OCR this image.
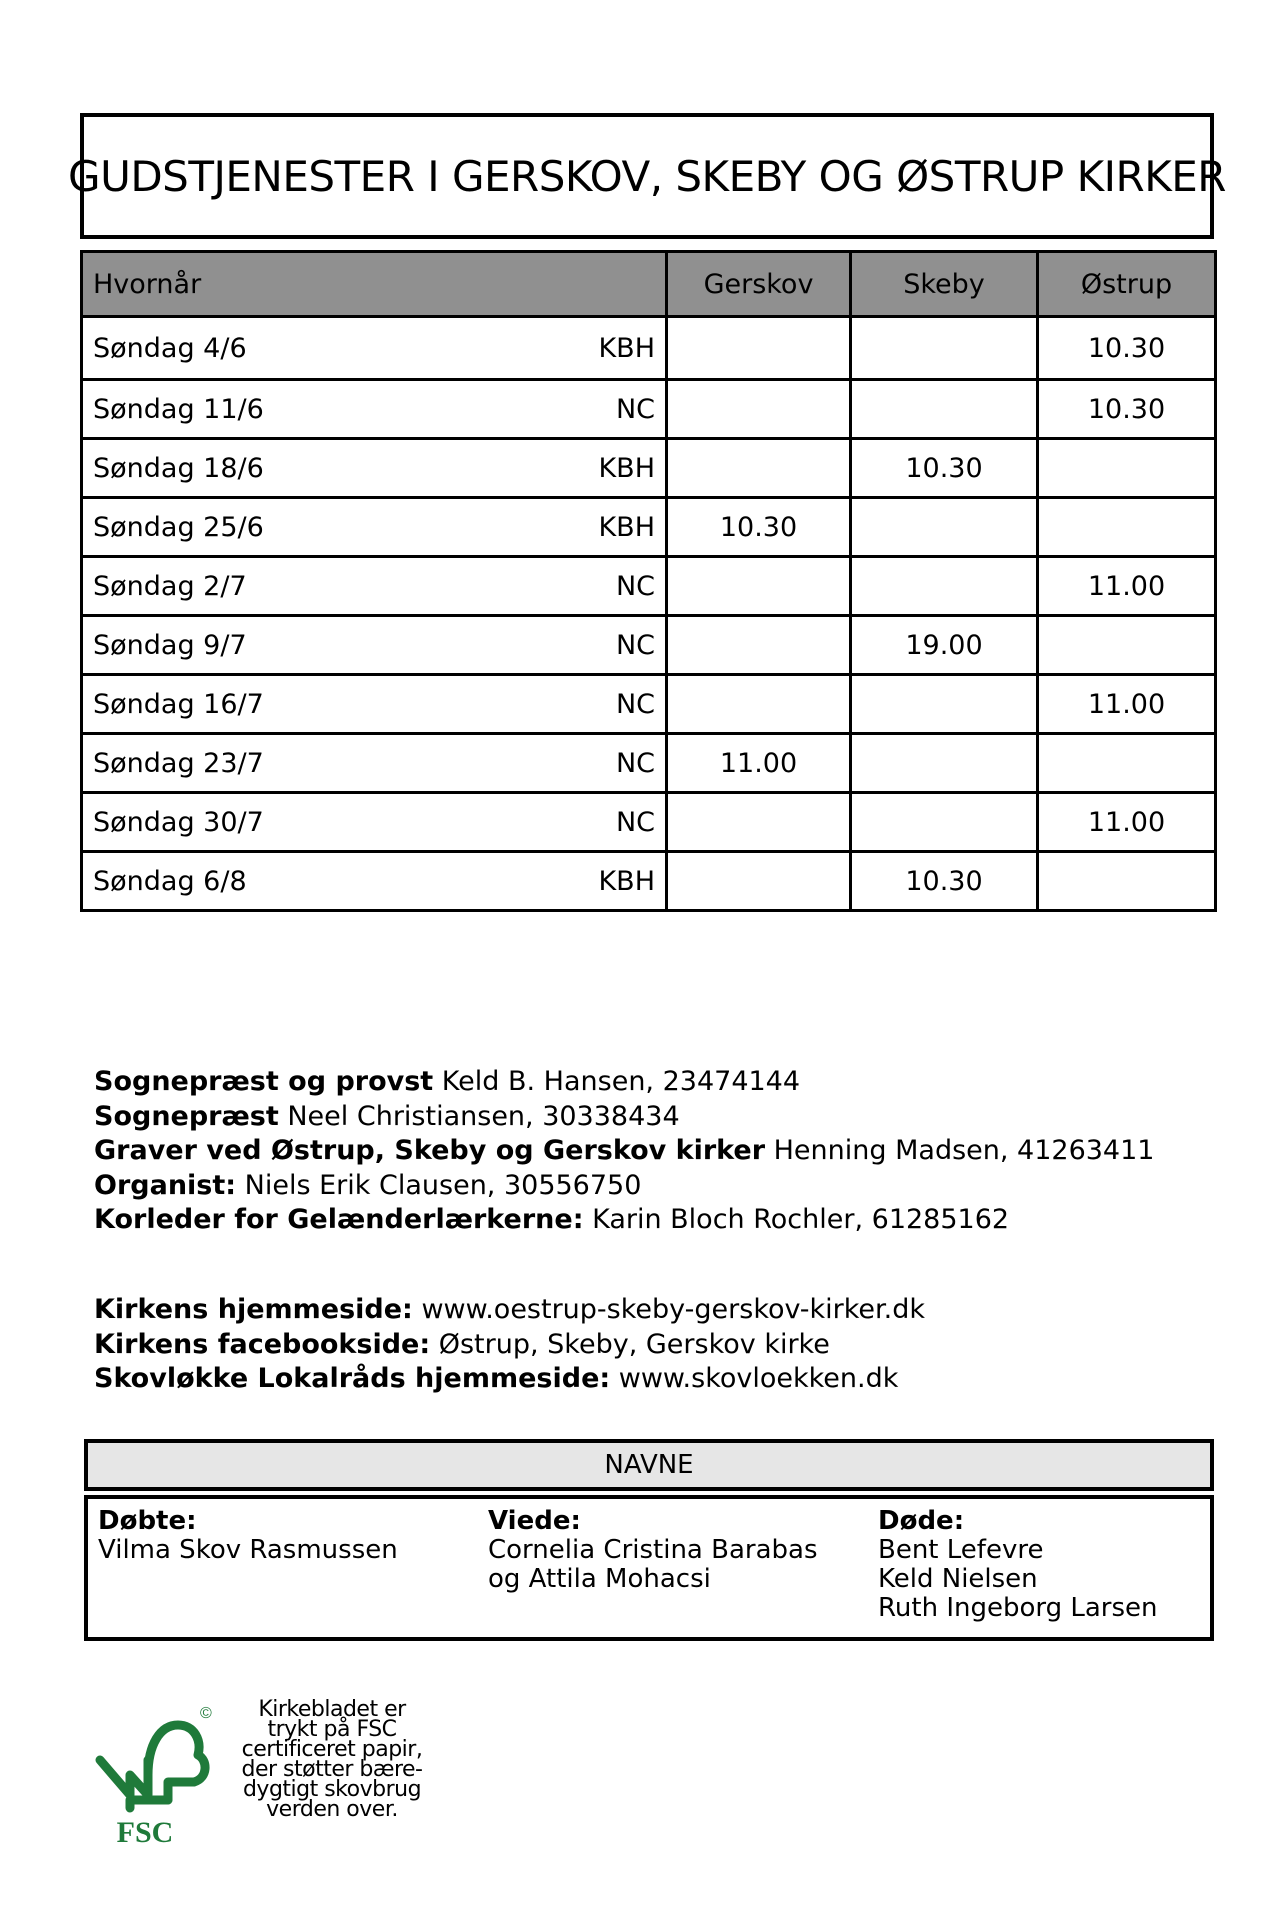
GUDSTJENESTER I GERSKOV, SKEBY OG ØSTRUP KIRKER
Hvornår	Gerskov	Skeby	Østrup

Søndag 4/6 KBH			10.30

Søndag 11/6 NC			10.30

Søndag 18/6 KBH		10.30	

Søndag 25/6 KBH	10.30		

Søndag 2/7 NC			11.00

Søndag 9/7 NC		19.00	

Søndag 16/7 NC			11.00

Søndag 23/7 NC	11.00		

Søndag 30/7 NC			11.00

Søndag 6/8 KBH		10.30	
Sognepræst og provst Keld B. Hansen, 23474144
Sognepræst Neel Christiansen, 30338434
Graver ved Østrup, Skeby og Gerskov kirker Henning Madsen, 41263411
Organist: Niels Erik Clausen, 30556750
Korleder for Gelænderlærkerne: Karin Bloch Rochler, 61285162
Kirkens hjemmeside: www.oestrup-skeby-gerskov-kirker.dk
Kirkens facebookside: Østrup, Skeby, Gerskov kirke
Skovløkke Lokalråds hjemmeside: www.skovloekken.dk
NAVNE
Døbte:
Vilma Skov Rasmussen
Viede:
Cornelia Cristina Barabas
og Attila Mohacsi
Døde:
Bent Lefevre
Keld Nielsen
Ruth Ingeborg Larsen
©
FSC
Kirkebladet er
trykt på FSC
certificeret papir,
der støtter bære-
dygtigt skovbrug
verden over.
